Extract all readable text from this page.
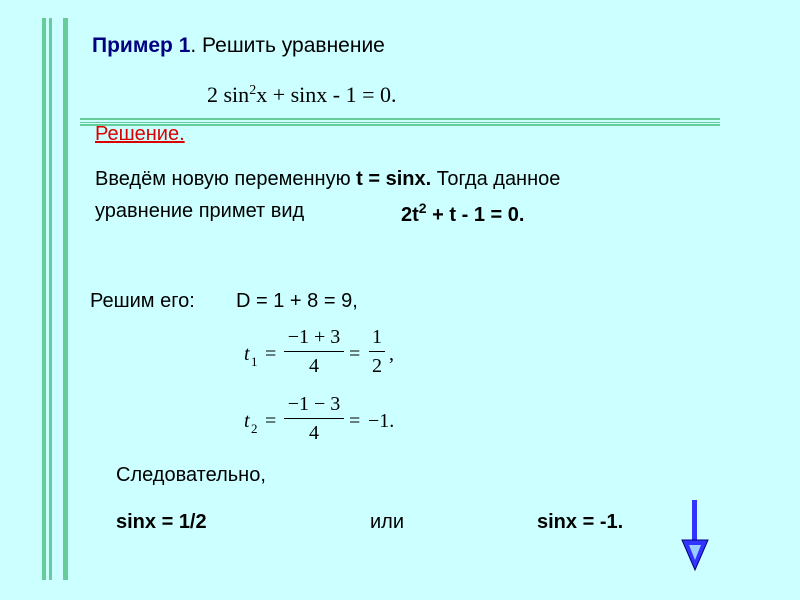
Пример 1. Решить уравнение
2 $\sin^2x + \sin x - 1 = 0$.
Решение.
Введём новую переменную t = sinx. Тогда данное
уравнение примет вид	$2t^2 + t - 1 = 0$.
Решим его: D = 1 + 8 = 9,
t 1 =
−1 + 3
4
=
1
2
,
t 2 =
−1 − 3
4
= −1.
Следовательно,
sinx = 1/2	или	sinx = -1.
